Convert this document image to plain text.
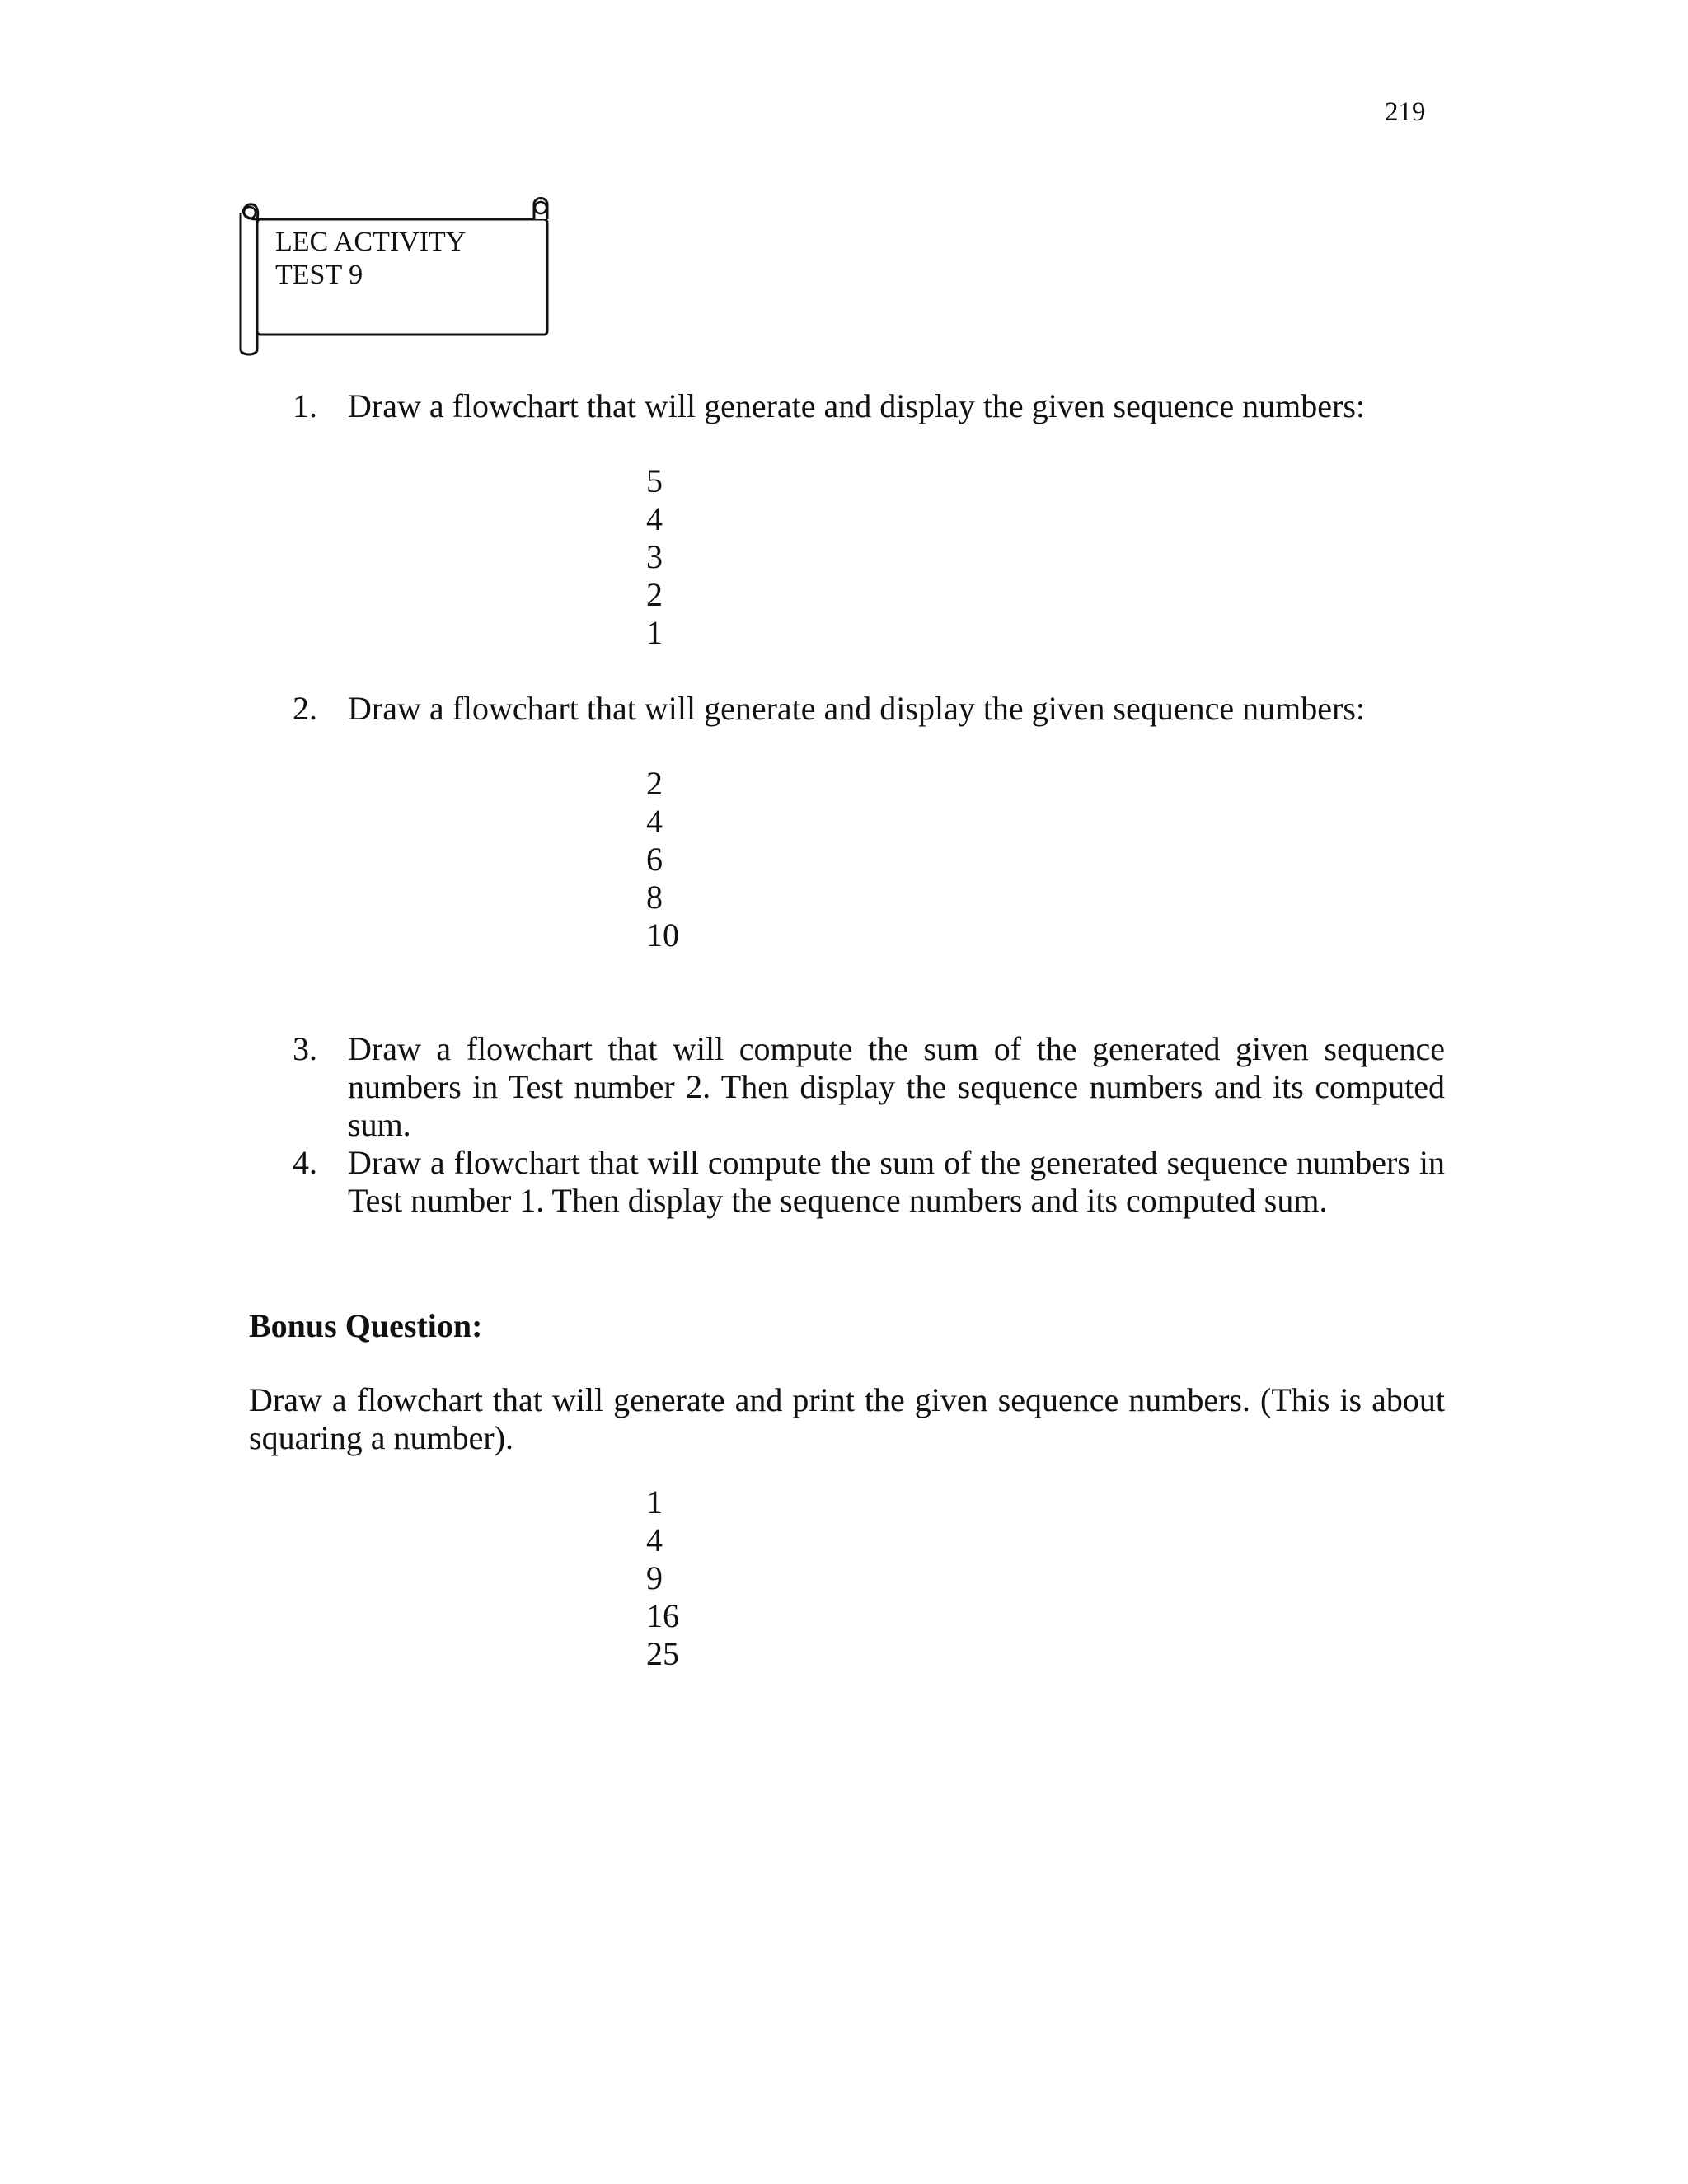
219
LEC ACTIVITY
TEST 9
1. Draw a flowchart that will generate and display the given sequence numbers:
5
4
3
2
1
2. Draw a flowchart that will generate and display the given sequence numbers:
2
4
6
8
10
3. Draw a flowchart that will compute the sum of the generated given sequence numbers in Test number 2. Then display the sequence numbers and its computed sum.
4. Draw a flowchart that will compute the sum of the generated sequence numbers in Test number 1. Then display the sequence numbers and its computed sum.
Bonus Question:
Draw a flowchart that will generate and print the given sequence numbers. (This is about squaring a number).
1
4
9
16
25
